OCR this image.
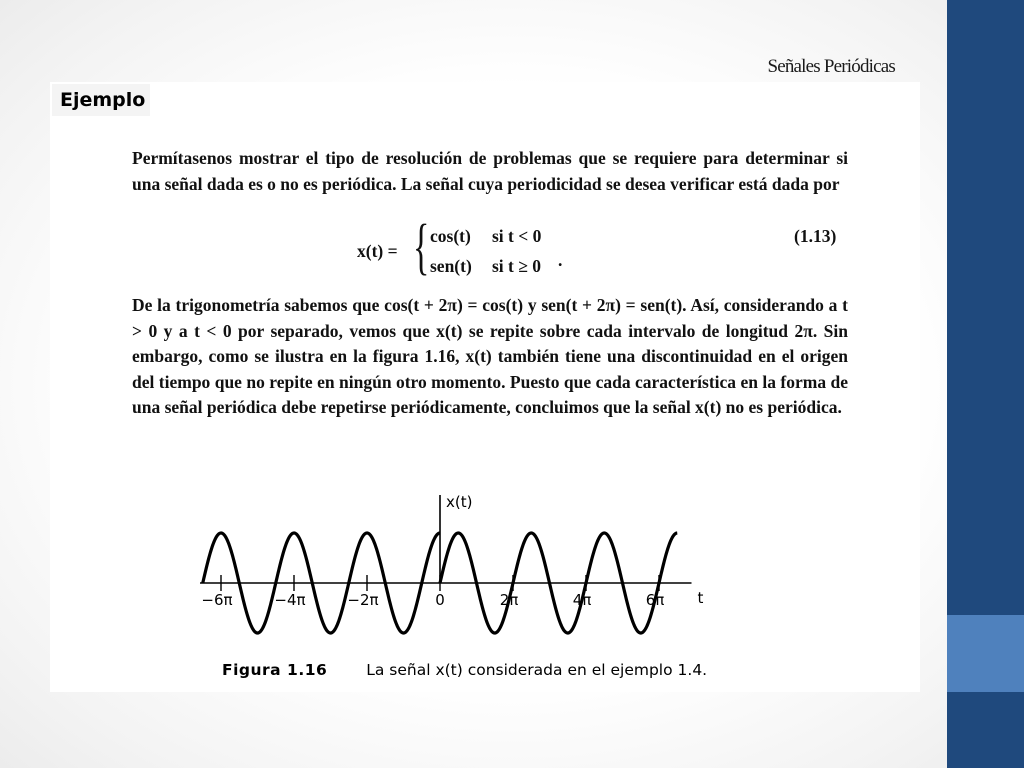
Señales Periódicas
Ejemplo
Permítasenos mostrar el tipo de resolución de problemas que se requiere para determinar si una señal dada es o no es periódica. La señal cuya periodicidad se desea verificar está dada por
x(t) = { cos(t) si t < 0
sen(t) si t ≥ 0 .
(1.13)
De la trigonometría sabemos que cos(t + 2π) = cos(t) y sen(t + 2π) = sen(t). Así, considerando a t > 0 y a t < 0 por separado, vemos que x(t) se repite sobre cada intervalo de longitud 2π. Sin embargo, como se ilustra en la figura 1.16, x(t) también tiene una discontinuidad en el origen del tiempo que no repite en ningún otro momento. Puesto que cada característica en la forma de una señal periódica debe repetirse periódicamente, concluimos que la señal x(t) no es periódica.
x(t)
t
−6π	−4π	−2π	0	2π	4π	6π
Figura 1.16	La señal x(t) considerada en el ejemplo 1.4.
